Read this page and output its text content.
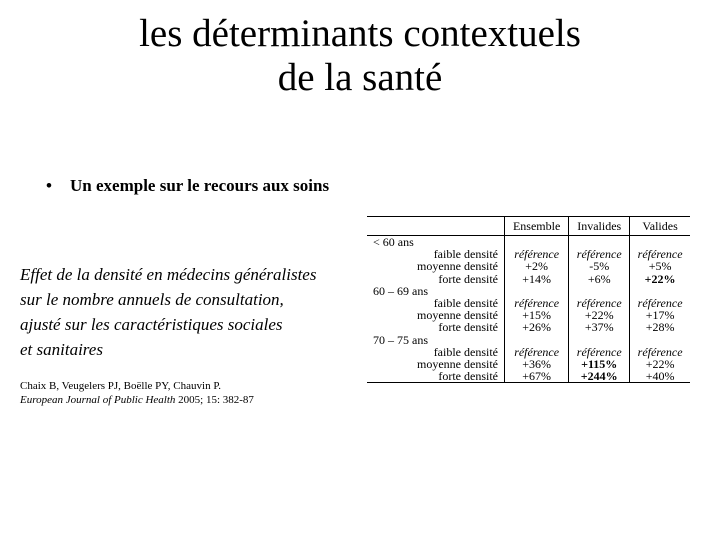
les déterminants contextuels
de la santé
• Un exemple sur le recours aux soins
Effet de la densité en médecins généralistes
sur le nombre annuels de consultation,
ajusté sur les caractéristiques sociales
et sanitaires
Chaix B, Veugelers PJ, Boëlle PY, Chauvin P.
European Journal of Public Health 2005; 15: 382-87
	Ensemble	Invalides	Valides
< 60 ans			
faible densité	référence	référence	référence
moyenne densité	+2%	-5%	+5%
forte densité	+14%	+6%	+22%
60 – 69 ans			
faible densité	référence	référence	référence
moyenne densité	+15%	+22%	+17%
forte densité	+26%	+37%	+28%
70 – 75 ans			
faible densité	référence	référence	référence
moyenne densité	+36%	+115%	+22%
forte densité	+67%	+244%	+40%
